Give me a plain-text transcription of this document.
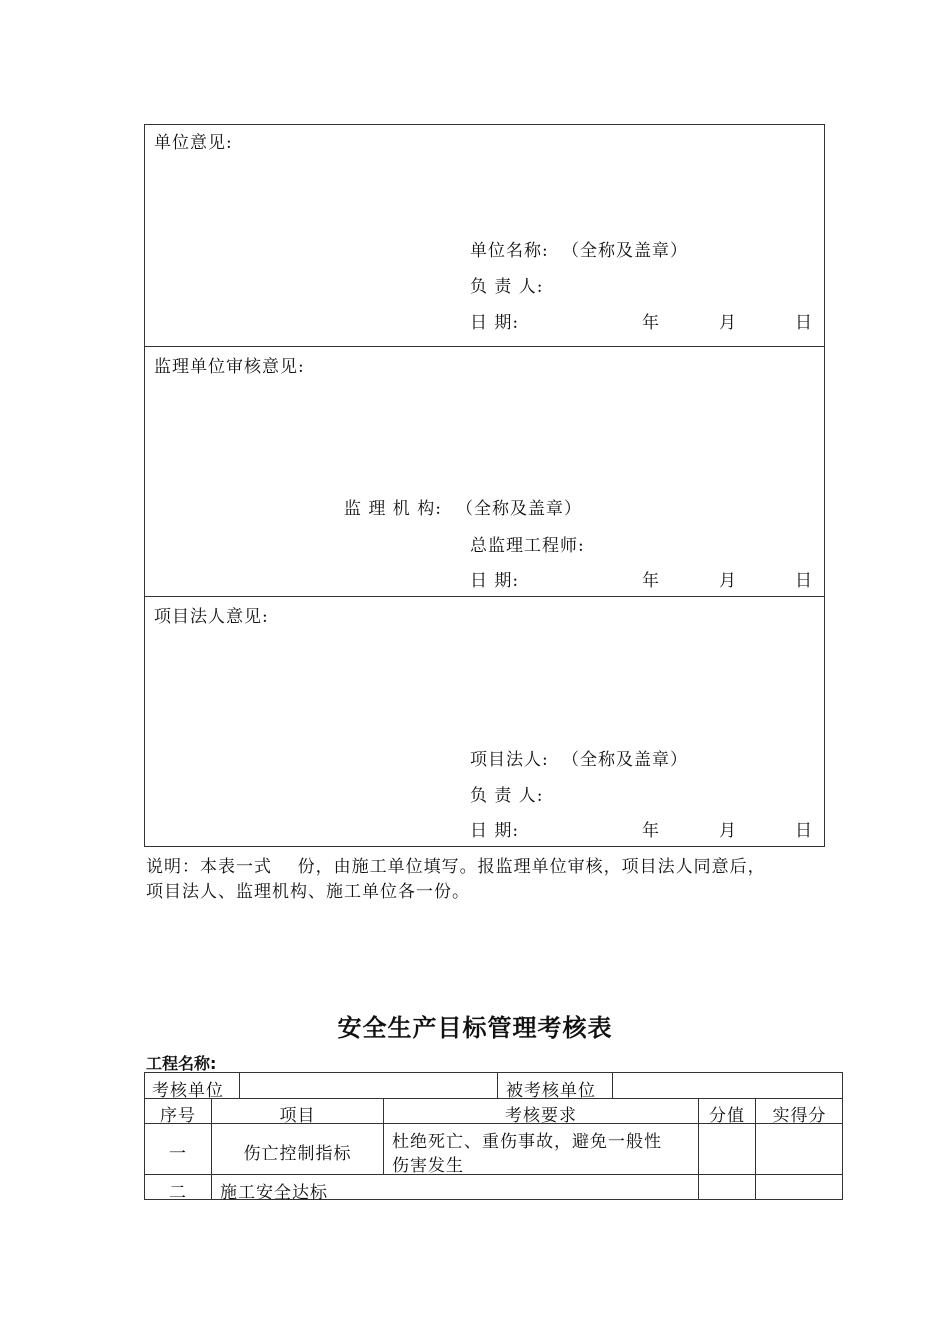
单位意见:
单位名称: （全称及盖章）
负 责 人:
日 期:	年	月	日
监理单位审核意见:
监 理 机 构: （全称及盖章）
总监理工程师:
日 期:	年	月	日
项目法人意见:
项目法人: （全称及盖章）
负 责 人:
日 期:	年	月	日
说明：本表一式    份，由施工单位填写。报监理单位审核，项目法人同意后，
项目法人、监理机构、施工单位各一份。
安全生产目标管理考核表
工程名称:
考核单位	被考核单位
序号	项目	考核要求	分值	实得分
一	伤亡控制指标
杜绝死亡、重伤事故，避免一般性
伤害发生
二	施工安全达标
